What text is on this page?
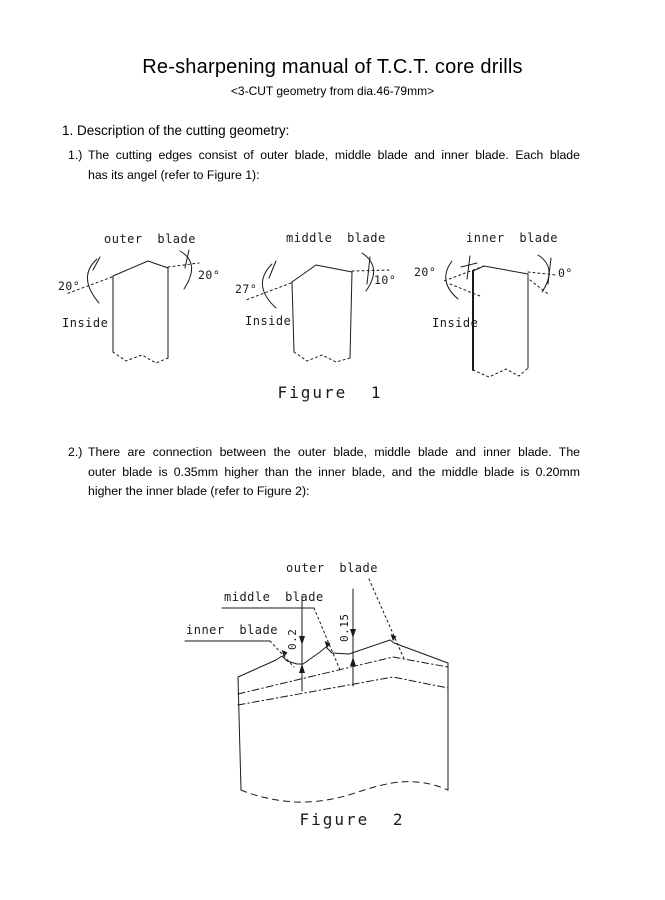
Re-sharpening manual of T.C.T. core drills
<3-CUT geometry from dia.46-79mm>
1. Description of the cutting geometry:
1.) The cutting edges consist of outer blade, middle blade and inner blade. Each blade
has its angel (refer to Figure 1):
2.) There are connection between the outer blade, middle blade and inner blade. The
outer blade is 0.35mm higher than the inner blade, and the middle blade is 0.20mm
higher the inner blade (refer to Figure 2):
outer blade
20°
20°
Inside
middle blade
27°
10°
Inside
inner blade
20°	0°
Inside
Figure 1
outer blade
middle blade
inner blade 0.2	0.15
Figure 2
